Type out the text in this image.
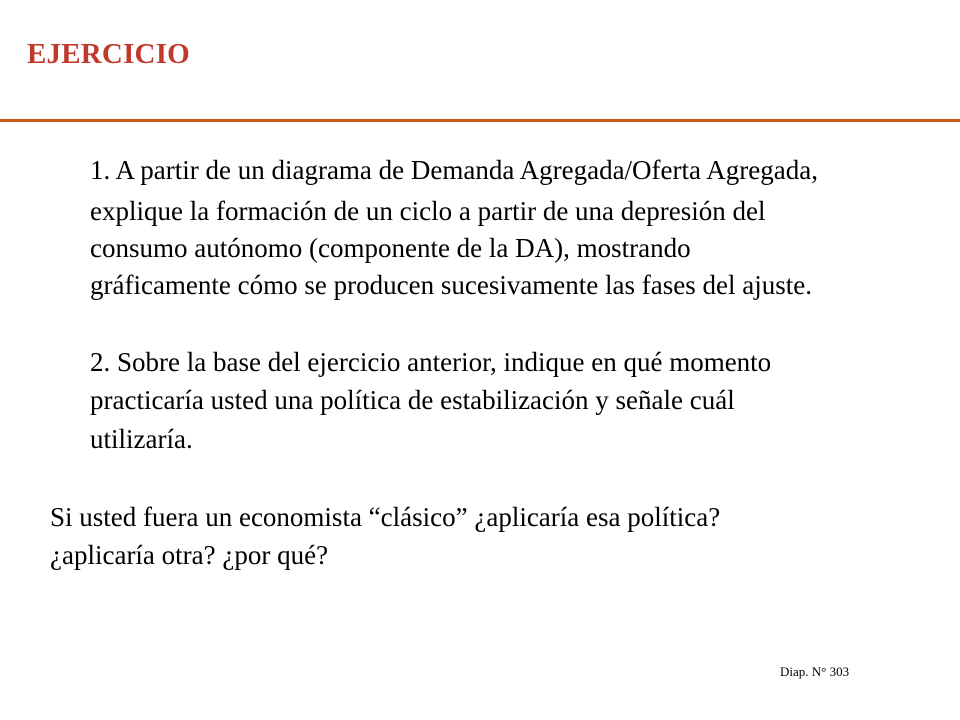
EJERCICIO
1. A partir de un diagrama de Demanda Agregada/Oferta Agregada,
explique la formación de un ciclo a partir de una depresión del
consumo autónomo (componente de la DA), mostrando
gráficamente cómo se producen sucesivamente las fases del ajuste.
2. Sobre la base del ejercicio anterior, indique en qué momento
practicaría usted una política de estabilización y señale cuál
utilizaría.
Si usted fuera un economista “clásico” ¿aplicaría esa política?
¿aplicaría otra? ¿por qué?
Diap. N° 303
